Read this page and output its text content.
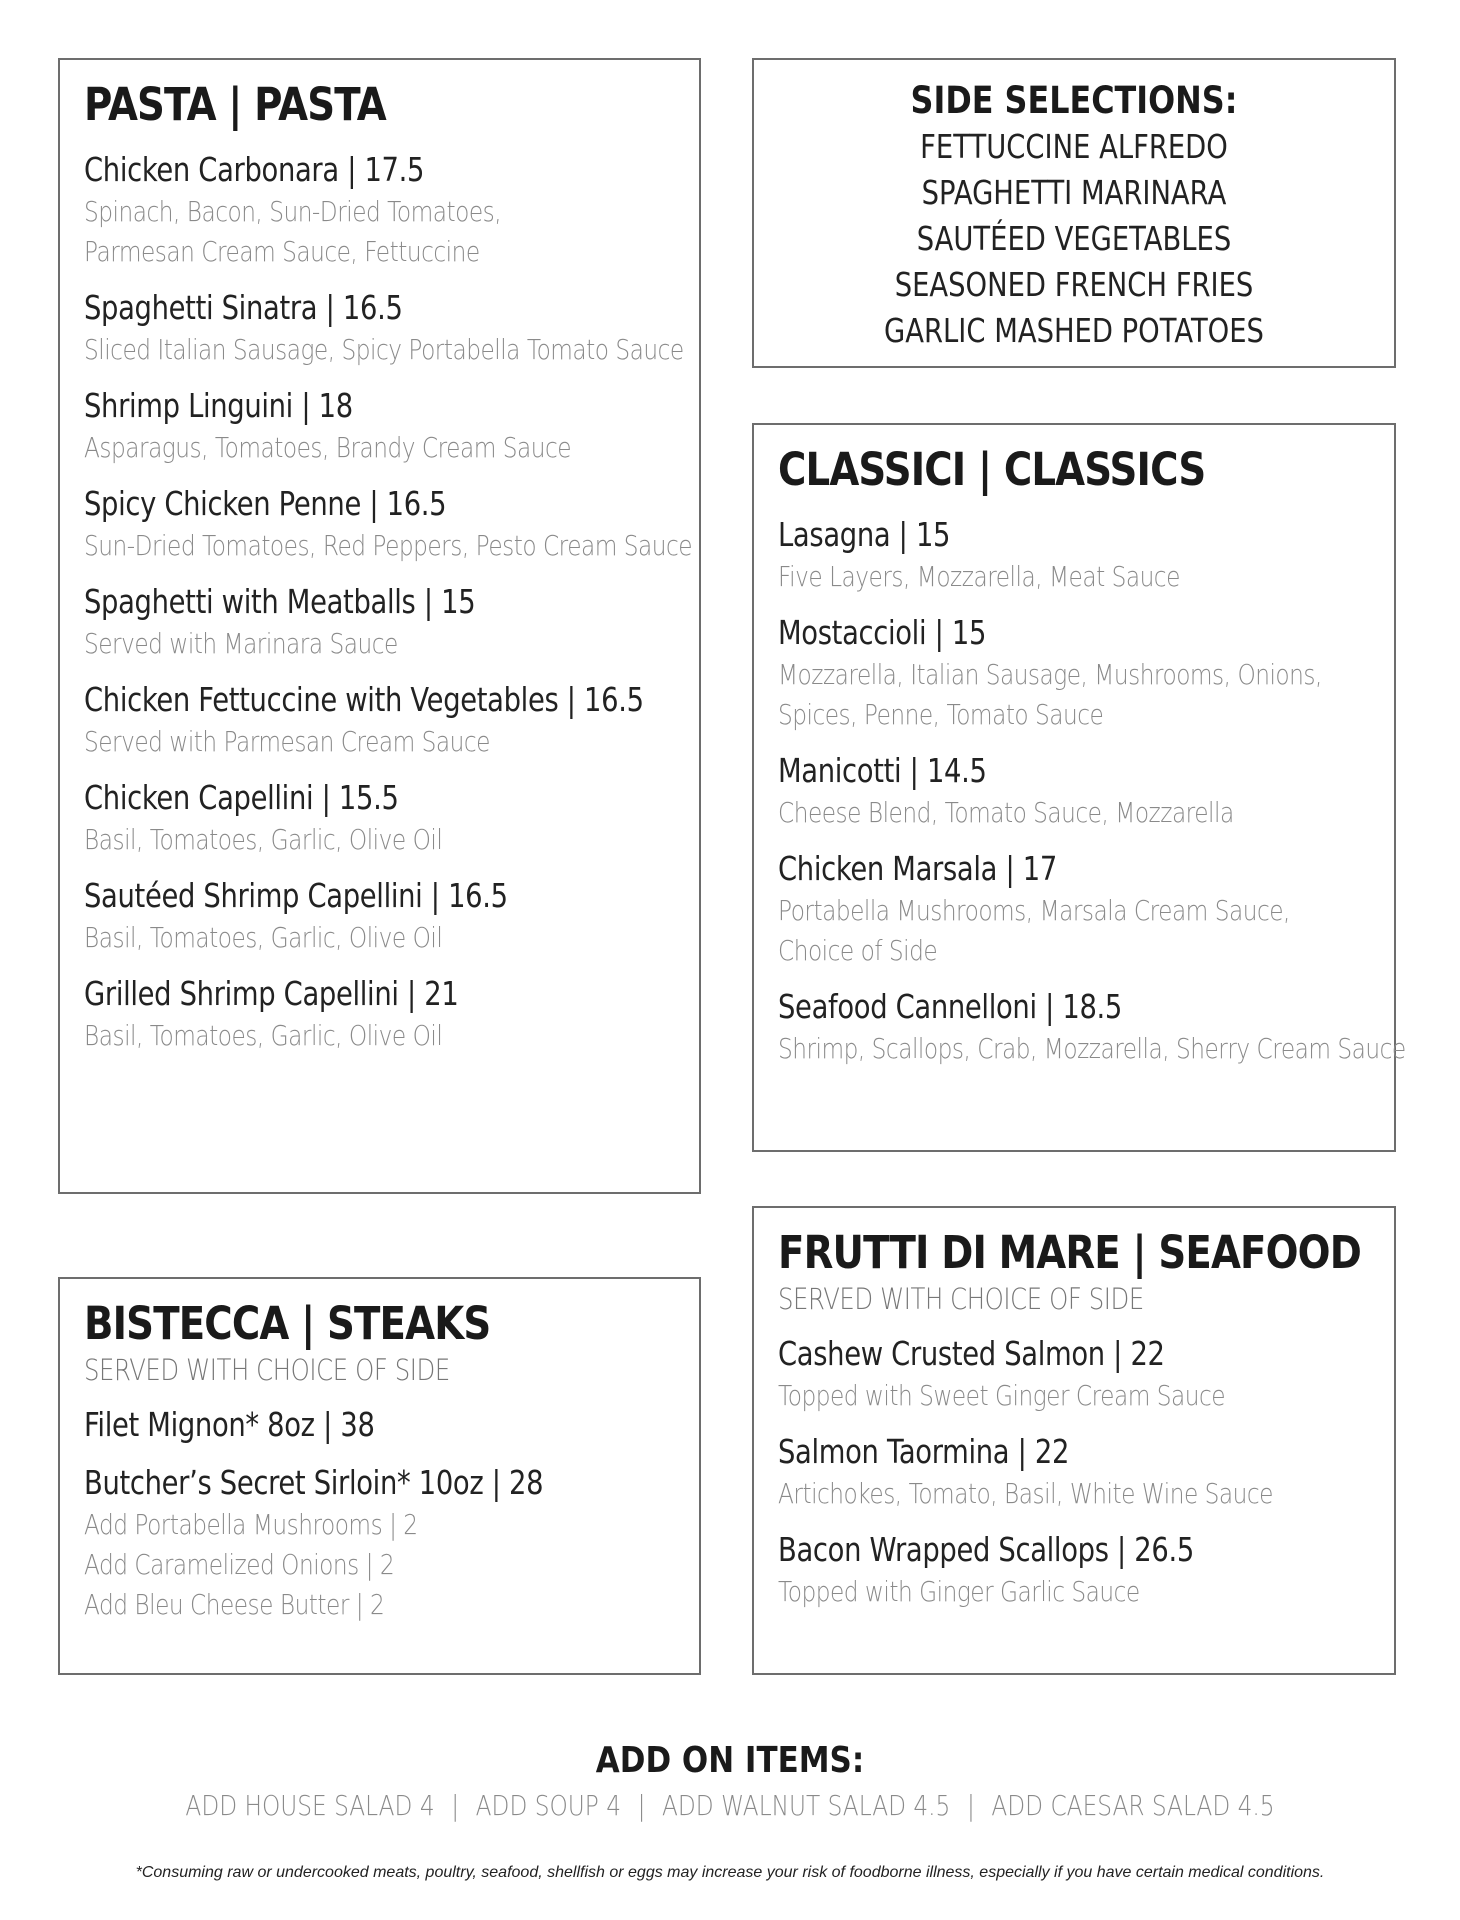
PASTA | PASTA
Chicken Carbonara | 17.5
Spinach, Bacon, Sun-Dried Tomatoes,
Parmesan Cream Sauce, Fettuccine
Spaghetti Sinatra | 16.5
Sliced Italian Sausage, Spicy Portabella Tomato Sauce
Shrimp Linguini | 18
Asparagus, Tomatoes, Brandy Cream Sauce
Spicy Chicken Penne | 16.5
Sun-Dried Tomatoes, Red Peppers, Pesto Cream Sauce
Spaghetti with Meatballs | 15
Served with Marinara Sauce
Chicken Fettuccine with Vegetables | 16.5
Served with Parmesan Cream Sauce
Chicken Capellini | 15.5
Basil, Tomatoes, Garlic, Olive Oil
Sautéed Shrimp Capellini | 16.5
Basil, Tomatoes, Garlic, Olive Oil
Grilled Shrimp Capellini | 21
Basil, Tomatoes, Garlic, Olive Oil
SIDE SELECTIONS:
FETTUCCINE ALFREDO
SPAGHETTI MARINARA
SAUTÉED VEGETABLES
SEASONED FRENCH FRIES
GARLIC MASHED POTATOES
CLASSICI | CLASSICS
Lasagna | 15
Five Layers, Mozzarella, Meat Sauce
Mostaccioli | 15
Mozzarella, Italian Sausage, Mushrooms, Onions,
Spices, Penne, Tomato Sauce
Manicotti | 14.5
Cheese Blend, Tomato Sauce, Mozzarella
Chicken Marsala | 17
Portabella Mushrooms, Marsala Cream Sauce,
Choice of Side
Seafood Cannelloni | 18.5
Shrimp, Scallops, Crab, Mozzarella, Sherry Cream Sauce
BISTECCA | STEAKS
SERVED WITH CHOICE OF SIDE
Filet Mignon* 8oz | 38
Butcher’s Secret Sirloin* 10oz | 28
Add Portabella Mushrooms | 2
Add Caramelized Onions | 2
Add Bleu Cheese Butter | 2
FRUTTI DI MARE | SEAFOOD
SERVED WITH CHOICE OF SIDE
Cashew Crusted Salmon | 22
Topped with Sweet Ginger Cream Sauce
Salmon Taormina | 22
Artichokes, Tomato, Basil, White Wine Sauce
Bacon Wrapped Scallops | 26.5
Topped with Ginger Garlic Sauce
ADD ON ITEMS:
ADD HOUSE SALAD 4 | ADD SOUP 4 | ADD WALNUT SALAD 4.5 | ADD CAESAR SALAD 4.5
*Consuming raw or undercooked meats, poultry, seafood, shellfish or eggs may increase your risk of foodborne illness, especially if you have certain medical conditions.
